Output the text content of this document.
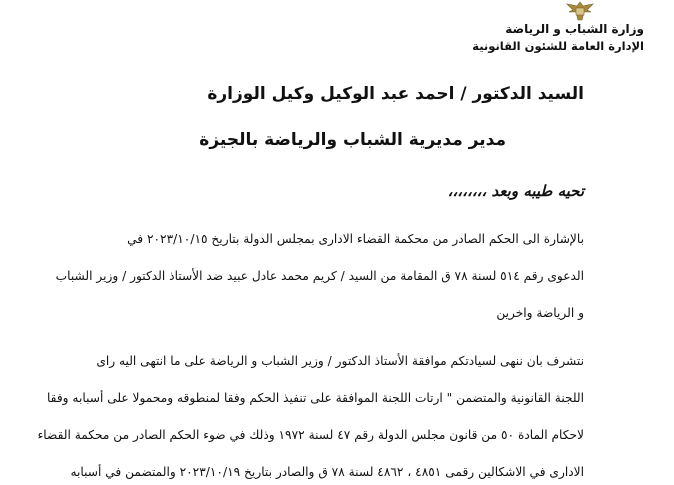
وزارة الشباب و الرياضة
الإدارة العامة للشئون القانونية
السيد الدكتور / احمد عبد الوكيل وكيل الوزارة
مدير مديرية الشباب والرياضة بالجيزة
تحيه طيبه وبعد ،،،،،،،،
بالإشارة الى الحكم الصادر من محكمة القضاء الادارى بمجلس الدولة بتاريخ ٢٠٢٣/١٠/١٥ في
الدعوى رقم ٥١٤ لسنة ٧٨ ق المقامة من السيد / كريم محمد عادل عبيد ضد الأستاذ الدكتور / وزير الشباب
و الرياضة واخرين
نتشرف بان ننهى لسيادتكم موافقة الأستاذ الدكتور / وزير الشباب و الرياضة على ما انتهى اليه راى
اللجنة القانونية والمتضمن " ارتات اللجنة الموافقة على تنفيذ الحكم وفقا لمنطوقه ومحمولا على أسبابه وفقا
لاحكام المادة ٥٠ من قانون مجلس الدولة رقم ٤٧ لسنة ١٩٧٢ وذلك في ضوء الحكم الصادر من محكمة القضاء
الادارى في الاشكالين رقمى ٤٨٥١ ، ٤٨٦٢ لسنة ٧٨ ق والصادر بتاريخ ٢٠٢٣/١٠/١٩ والمتضمن في أسبابه
